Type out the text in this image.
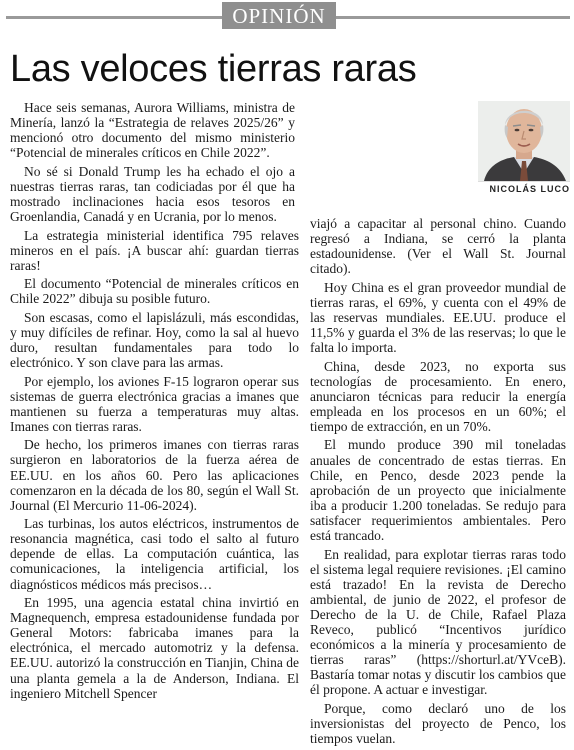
OPINIÓN
Las veloces tierras raras
NICOLÁS LUCO

Hace seis semanas, Aurora Williams, ministra de Minería, lanzó la “Estrategia de relaves 2025/26” y mencionó otro documento del mismo ministerio “Potencial de minerales críticos en Chile 2022”.

No sé si Donald Trump les ha echado el ojo a nuestras tierras raras, tan codiciadas por él que ha mostrado inclinaciones hacia esos tesoros en Groenlandia, Canadá y en Ucrania, por lo menos.

La estrategia ministerial identifica 795 relaves mineros en el país. ¡A buscar ahí: guardan tierras raras!

El documento “Potencial de minerales críticos en Chile 2022” dibuja su posible futuro.

Son escasas, como el lapislázuli, más escondidas, y muy difíciles de refinar. Hoy, como la sal al huevo duro, resultan fundamentales para todo lo electrónico. Y son clave para las armas.

Por ejemplo, los aviones F-15 lograron operar sus sistemas de guerra electrónica gracias a imanes que mantienen su fuerza a temperaturas muy altas. Imanes con tierras raras.

De hecho, los primeros imanes con tierras raras surgieron en laboratorios de la fuerza aérea de EE.UU. en los años 60. Pero las aplicaciones comenzaron en la década de los 80, según el Wall St. Journal (El Mercurio 11-06-2024).

Las turbinas, los autos eléctricos, instrumentos de resonancia magnética, casi todo el salto al futuro depende de ellas. La computación cuántica, las comunicaciones, la inteligencia artificial, los diagnósticos médicos más precisos…

En 1995, una agencia estatal china invirtió en Magnequench, empresa estadounidense fundada por General Motors: fabricaba imanes para la electrónica, el mercado automotriz y la defensa. EE.UU. autorizó la construcción en Tianjin, China de una planta gemela a la de Anderson, Indiana. El ingeniero Mitchell Spencer

viajó a capacitar al personal chino. Cuando regresó a Indiana, se cerró la planta estadounidense. (Ver el Wall St. Journal citado).

Hoy China es el gran proveedor mundial de tierras raras, el 69%, y cuenta con el 49% de las reservas mundiales. EE.UU. produce el 11,5% y guarda el 3% de las reservas; lo que le falta lo importa.

China, desde 2023, no exporta sus tecnologías de procesamiento. En enero, anunciaron técnicas para reducir la energía empleada en los procesos en un 60%; el tiempo de extracción, en un 70%.

El mundo produce 390 mil toneladas anuales de concentrado de estas tierras. En Chile, en Penco, desde 2023 pende la aprobación de un proyecto que inicialmente iba a producir 1.200 toneladas. Se redujo para satisfacer requerimientos ambientales. Pero está trancado.

En realidad, para explotar tierras raras todo el sistema legal requiere revisiones. ¡El camino está trazado! En la revista de Derecho ambiental, de junio de 2022, el profesor de Derecho de la U. de Chile, Rafael Plaza Reveco, publicó “Incentivos jurídico económicos a la minería y procesamiento de tierras raras” (https://shorturl.at/YVceB). Bastaría tomar notas y discutir los cambios que él propone. A actuar e investigar.

Porque, como declaró uno de los inversionistas del proyecto de Penco, los tiempos vuelan.
